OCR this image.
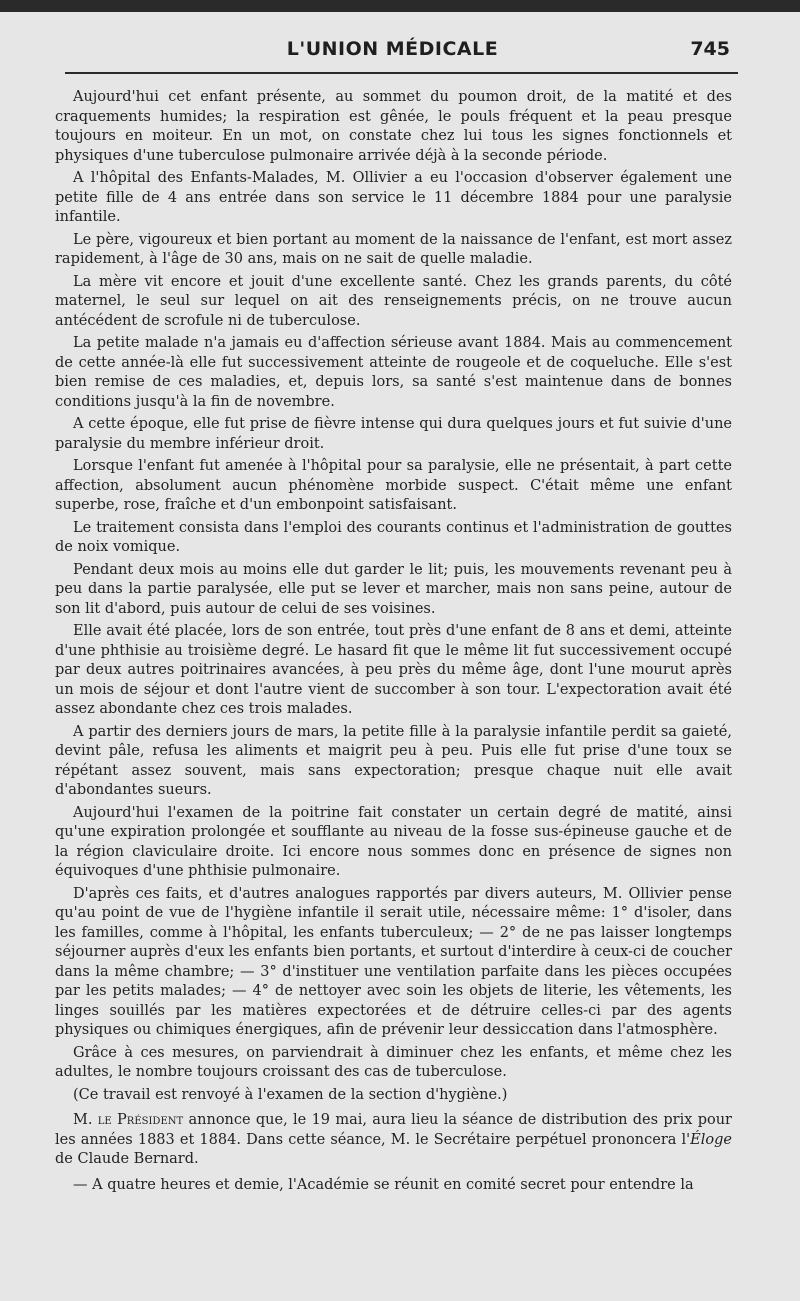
L'UNION MÉDICALE	745

Aujourd'hui cet enfant présente, au sommet du poumon droit, de la matité et des craquements humides; la respiration est gênée, le pouls fréquent et la peau presque toujours en moiteur. En un mot, on constate chez lui tous les signes fonctionnels et physiques d'une tuberculose pulmonaire arrivée déjà à la seconde période.

A l'hôpital des Enfants-Malades, M. Ollivier a eu l'occasion d'observer également une petite fille de 4 ans entrée dans son service le 11 décembre 1884 pour une paralysie infantile.

Le père, vigoureux et bien portant au moment de la naissance de l'enfant, est mort assez rapidement, à l'âge de 30 ans, mais on ne sait de quelle maladie.

La mère vit encore et jouit d'une excellente santé. Chez les grands parents, du côté maternel, le seul sur lequel on ait des renseignements précis, on ne trouve aucun antécédent de scrofule ni de tuberculose.

La petite malade n'a jamais eu d'affection sérieuse avant 1884. Mais au commencement de cette année-là elle fut successivement atteinte de rougeole et de coqueluche. Elle s'est bien remise de ces maladies, et, depuis lors, sa santé s'est maintenue dans de bonnes conditions jusqu'à la fin de novembre.

A cette époque, elle fut prise de fièvre intense qui dura quelques jours et fut suivie d'une paralysie du membre inférieur droit.

Lorsque l'enfant fut amenée à l'hôpital pour sa paralysie, elle ne présentait, à part cette affection, absolument aucun phénomène morbide suspect. C'était même une enfant superbe, rose, fraîche et d'un embonpoint satisfaisant.

Le traitement consista dans l'emploi des courants continus et l'administration de gouttes de noix vomique.

Pendant deux mois au moins elle dut garder le lit; puis, les mouvements revenant peu à peu dans la partie paralysée, elle put se lever et marcher, mais non sans peine, autour de son lit d'abord, puis autour de celui de ses voisines.

Elle avait été placée, lors de son entrée, tout près d'une enfant de 8 ans et demi, atteinte d'une phthisie au troisième degré. Le hasard fit que le même lit fut successivement occupé par deux autres poitrinaires avancées, à peu près du même âge, dont l'une mourut après un mois de séjour et dont l'autre vient de succomber à son tour. L'expectoration avait été assez abondante chez ces trois malades.

A partir des derniers jours de mars, la petite fille à la paralysie infantile perdit sa gaieté, devint pâle, refusa les aliments et maigrit peu à peu. Puis elle fut prise d'une toux se répétant assez souvent, mais sans expectoration; presque chaque nuit elle avait d'abondantes sueurs.

Aujourd'hui l'examen de la poitrine fait constater un certain degré de matité, ainsi qu'une expiration prolongée et soufflante au niveau de la fosse sus-épineuse gauche et de la région claviculaire droite. Ici encore nous sommes donc en présence de signes non équivoques d'une phthisie pulmonaire.

D'après ces faits, et d'autres analogues rapportés par divers auteurs, M. Ollivier pense qu'au point de vue de l'hygiène infantile il serait utile, nécessaire même: 1° d'isoler, dans les familles, comme à l'hôpital, les enfants tuberculeux; — 2° de ne pas laisser longtemps séjourner auprès d'eux les enfants bien portants, et surtout d'interdire à ceux-ci de coucher dans la même chambre; — 3° d'instituer une ventilation parfaite dans les pièces occupées par les petits malades; — 4° de nettoyer avec soin les objets de literie, les vêtements, les linges souillés par les matières expectorées et de détruire celles-ci par des agents physiques ou chimiques énergiques, afin de prévenir leur dessiccation dans l'atmosphère.

Grâce à ces mesures, on parviendrait à diminuer chez les enfants, et même chez les adultes, le nombre toujours croissant des cas de tuberculose.

(Ce travail est renvoyé à l'examen de la section d'hygiène.)

M. le Président annonce que, le 19 mai, aura lieu la séance de distribution des prix pour les années 1883 et 1884. Dans cette séance, M. le Secrétaire perpétuel prononcera l'Éloge de Claude Bernard.

— A quatre heures et demie, l'Académie se réunit en comité secret pour entendre la
